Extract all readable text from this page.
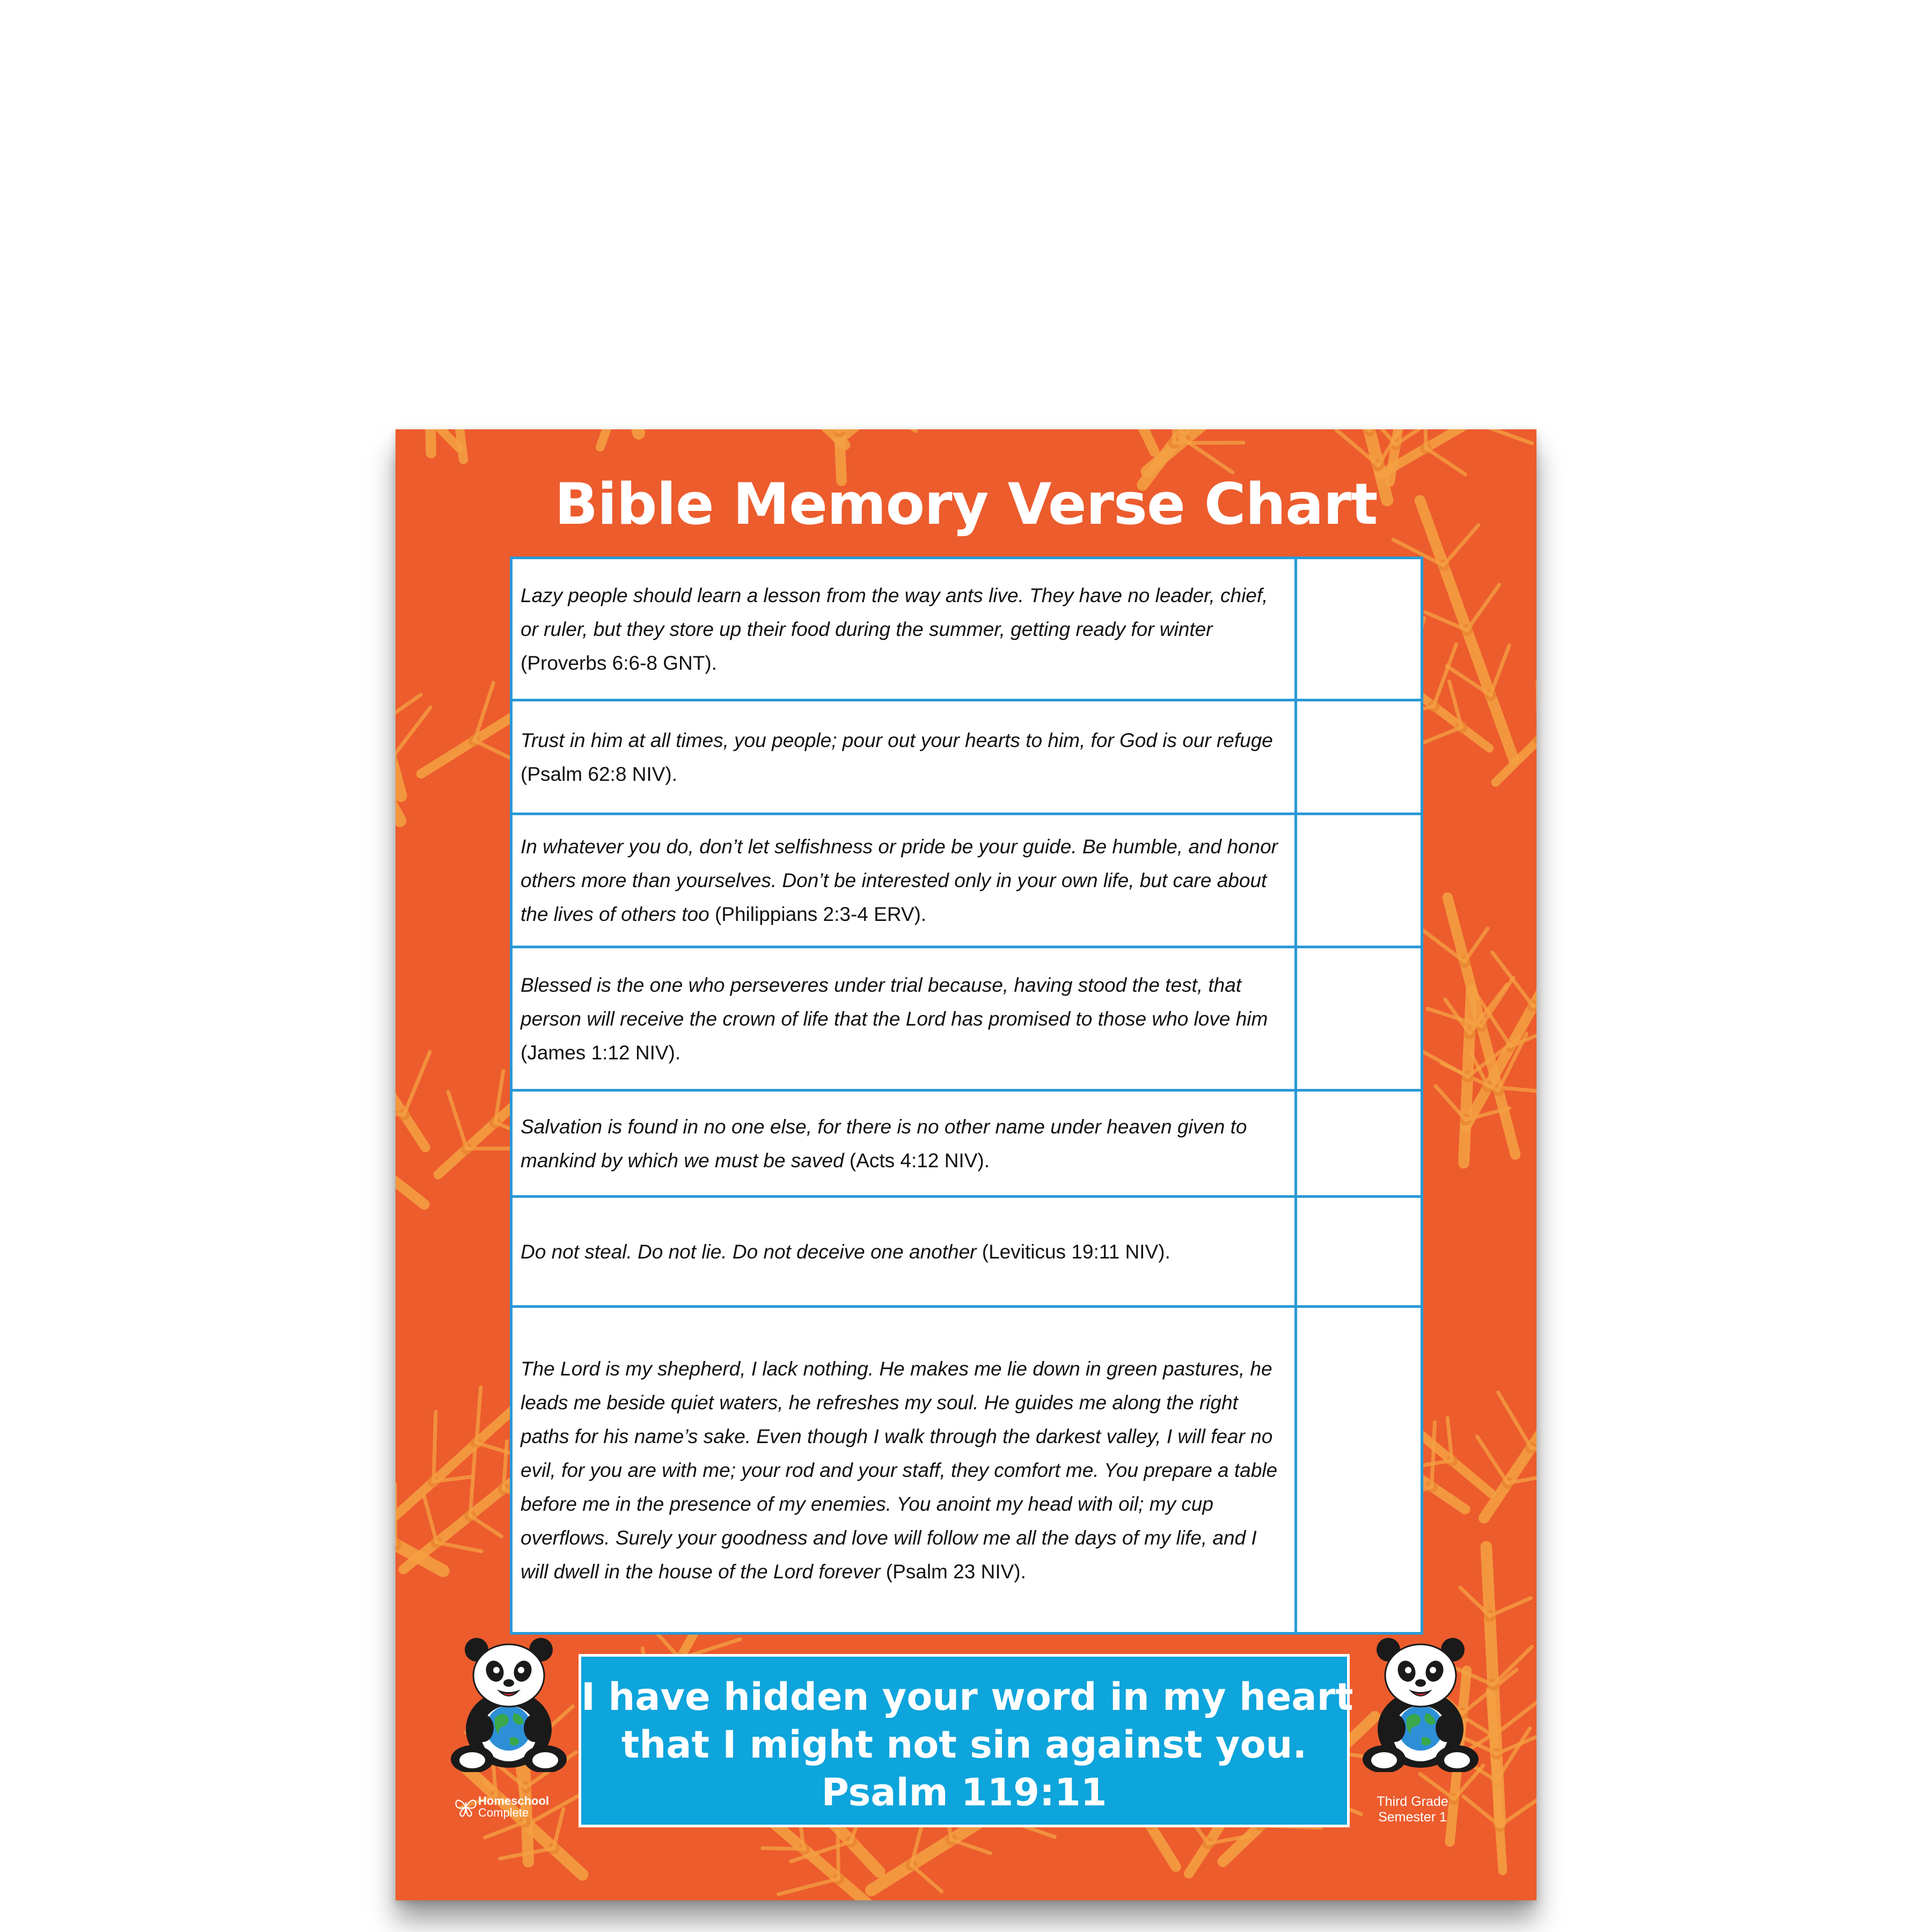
Bible Memory Verse Chart
Lazy people should learn a lesson from the way ants live. They have no leader, chief, or ruler, but they store up their food during the summer, getting ready for winter (Proverbs 6:6-8 GNT).
Trust in him at all times, you people; pour out your hearts to him, for God is our refuge (Psalm 62:8 NIV).
In whatever you do, don’t let selfishness or pride be your guide. Be humble, and honor others more than yourselves. Don’t be interested only in your own life, but care about the lives of others too (Philippians 2:3-4 ERV).
Blessed is the one who perseveres under trial because, having stood the test, that person will receive the crown of life that the Lord has promised to those who love him (James 1:12 NIV).
Salvation is found in no one else, for there is no other name under heaven given to mankind by which we must be saved (Acts 4:12 NIV).
Do not steal. Do not lie. Do not deceive one another (Leviticus 19:11 NIV).
The Lord is my shepherd, I lack nothing. He makes me lie down in green pastures, he leads me beside quiet waters, he refreshes my soul. He guides me along the right paths for his name’s sake. Even though I walk through the darkest valley, I will fear no evil, for you are with me; your rod and your staff, they comfort me. You prepare a table before me in the presence of my enemies. You anoint my head with oil; my cup overflows. Surely your goodness and love will follow me all the days of my life, and I will dwell in the house of the Lord forever (Psalm 23 NIV).
I have hidden your word in my heart
that I might not sin against you.
Psalm 119:11
Homeschool
Complete
Third Grade
Semester 1
